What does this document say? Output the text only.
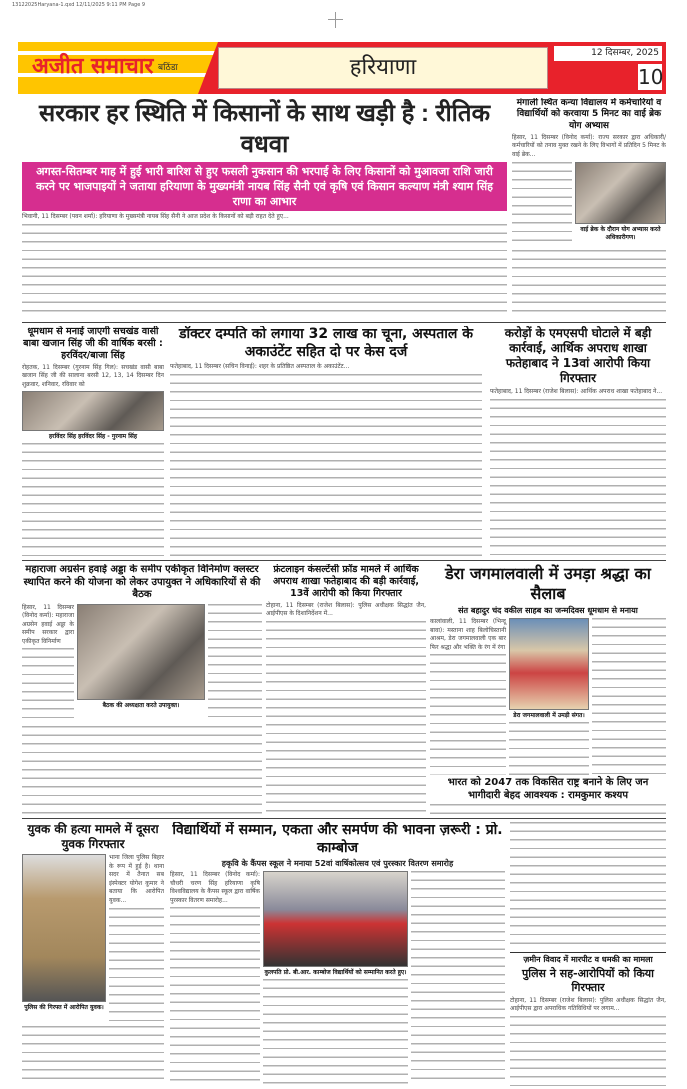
13122025Haryana-1.qxd 12/11/2025 9:11 PM Page 9
अजीत समाचार बठिंडा	हरियाणा
12 दिसम्बर, 2025
10
सरकार हर स्थिति में किसानों के साथ खड़ी है : रीतिक वधवा
अगस्त-सितम्बर माह में हुई भारी बारिश से हुए फसली नुकसान की भरपाई के लिए किसानों को मुआवजा राशि जारी करने पर भाजपाइयों ने जताया हरियाणा के मुख्यमंत्री नायब सिंह सैनी एवं कृषि एवं किसान कल्याण मंत्री श्याम सिंह राणा का आभार
भिवानी, 11 दिसम्बर (पवन शर्मा): हरियाणा के मुख्यमंत्री नायब सिंह सैनी ने आज प्रदेश के किसानों को बड़ी राहत देते हुए...
मंगाली स्थित कन्या विद्यालय में कर्मचारियों व विद्यार्थियों को करवाया 5 मिनट का वाई ब्रेक योग अभ्यास
हिसार, 11 दिसम्बर (विनोद कर्मा): राज्य सरकार द्वारा अधिकारी/कर्मचारियों को तनाव मुक्त रखने के लिए विभागों में प्रतिदिन 5 मिनट के वाई ब्रेक...
वाई ब्रेक के दौरान योग अभ्यास करते अधिकारीगण।
धूमधाम से मनाई जाएगी सचखंड वासी बाबा खजान सिंह जी की वार्षिक बरसी : हरविंदर/बाजा सिंह
रोहतक, 11 दिसम्बर (गुरनाम सिंह गिल): सचखंड वासी बाबा खजान सिंह जी की सालाना बरसी 12, 13, 14 दिसम्बर दिन शुक्रवार, शनिवार, रविवार को
हरविंदर सिंह हरविंदर सिंह - गुरनाम सिंह
डॉक्टर दम्पति को लगाया 32 लाख का चूना, अस्पताल के अकाउंटेंट सहित दो पर केस दर्ज
फतेहाबाद, 11 दिसम्बर (सचिन विनाई): शहर के प्रतिष्ठित अस्पताल के अकाउंटेंट...
करोड़ों के एमएसपी घोटाले में बड़ी कार्रवाई, आर्थिक अपराध शाखा फतेहाबाद ने 13वां आरोपी किया गिरफ्तार
फतेहाबाद, 11 दिसम्बर (राजेश बिलास): आर्थिक अपराध शाखा फतेहाबाद ने...
महाराजा अग्रसेन हवाई अड्डा के समीप एकीकृत विनिर्माण क्लस्टर स्थापित करने की योजना को लेकर उपायुक्त ने अधिकारियों से की बैठक
हिसार, 11 दिसम्बर (विनोद कर्मा): महाराजा अग्रसेन हवाई अड्डा के समीप सरकार द्वारा एकीकृत विनिर्माण
बैठक की अध्यक्षता करते उपायुक्त।
फ्रंटलाइन कंसल्टेंसी फ्रॉड मामले में आर्थिक अपराध शाखा फतेहाबाद की बड़ी कार्रवाई, 13वें आरोपी को किया गिरफ्तार
टोहाना, 11 दिसम्बर (राजेश बिलास): पुलिस अधीक्षक सिद्धांत जैन, आईपीएस के दिशानिर्देशन में...
डेरा जगमालवाली में उमड़ा श्रद्धा का सैलाब
संत बहादुर चंद वकील साहब का जन्मदिवस धूमधाम से मनाया
कालांवाली, 11 दिसम्बर (भिन्दू बावा): मस्ताना शाह बिलोचिस्तानी आश्रम, डेरा जगमालवाली एक बार फिर श्रद्धा और भक्ति के रंग में रंगा
डेरा जगमालवाली में उमड़ी संगत।
भारत को 2047 तक विकसित राष्ट्र बनाने के लिए जन भागीदारी बेहद आवश्यक : रामकुमार कश्यप
युवक की हत्या मामले में दूसरा युवक गिरफ्तार
पुलिस की गिरफ्त में आरोपित युवक।
भाना जिला पुलिस बिहार के रूप में हुई है। थाना सदर में तैनात सब इंस्पेक्टर योगेश कुमार ने बताया कि आरोपित युवक...
विद्यार्थियों में सम्मान, एकता और समर्पण की भावना ज़रूरी : प्रो. काम्बोज
हकृवि के कैंपस स्कूल ने मनाया 52वां वार्षिकोत्सव एवं पुरस्कार वितरण समारोह
हिसार, 11 दिसम्बर (विनोद कर्मा): चौधरी चरण सिंह हरियाणा कृषि विश्वविद्यालय के कैंपस स्कूल द्वारा वार्षिक पुरस्कार वितरण समारोह...
कुलपति प्रो. बी.आर. काम्बोज विद्यार्थियों को सम्मानित करते हुए।
ज़मीन विवाद में मारपीट व धमकी का मामला
पुलिस ने सह-आरोपियों को किया गिरफ्तार
टोहाना, 11 दिसम्बर (राजेश बिलास): पुलिस अधीक्षक सिद्धांत जैन, आईपीएस द्वारा अपराधिक गतिविधियों पर लगाम...
